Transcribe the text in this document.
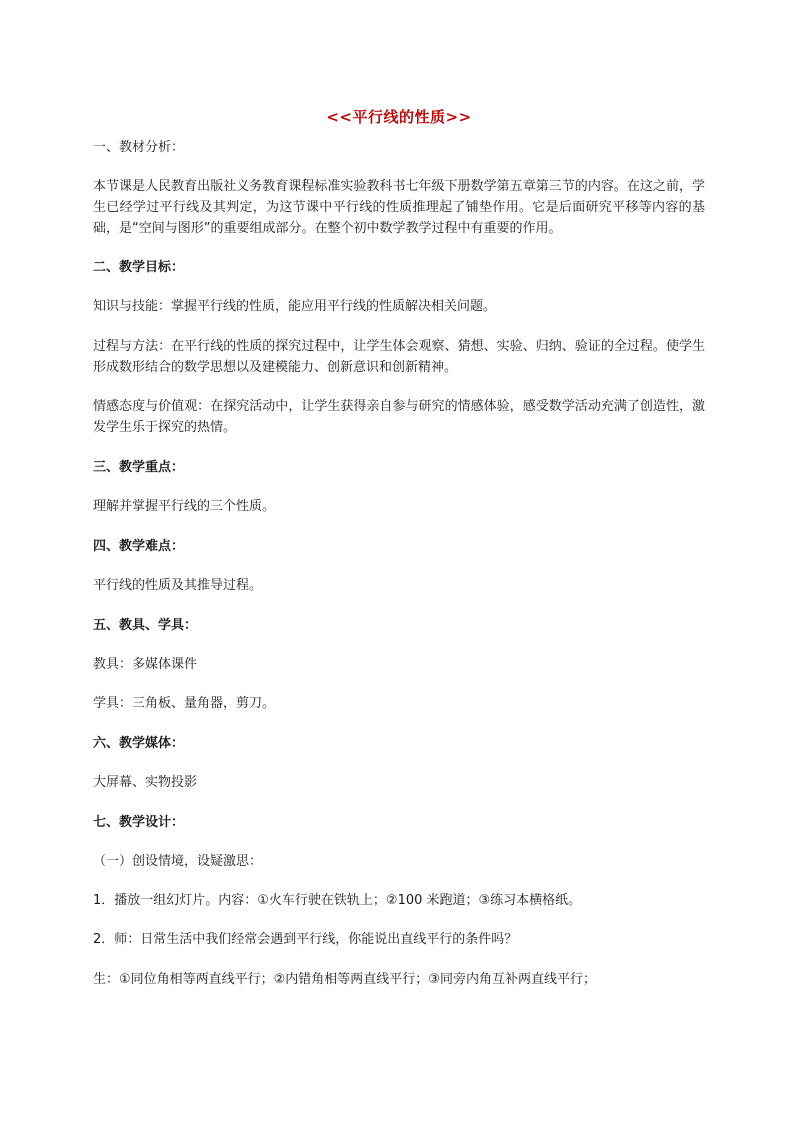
<<平行线的性质>>
一、教材分析：
本节课是人民教育出版社义务教育课程标准实验教科书七年级下册数学第五章第三节的内容。在这之前，学生已经学过平行线及其判定，为这节课中平行线的性质推理起了铺垫作用。它是后面研究平移等内容的基础，是“空间与图形”的重要组成部分。在整个初中数学教学过程中有重要的作用。
二、教学目标：
知识与技能：掌握平行线的性质，能应用平行线的性质解决相关问题。
过程与方法：在平行线的性质的探究过程中，让学生体会观察、猜想、实验、归纳、验证的全过程。使学生形成数形结合的数学思想以及建模能力、创新意识和创新精神。
情感态度与价值观：在探究活动中，让学生获得亲自参与研究的情感体验，感受数学活动充满了创造性，激发学生乐于探究的热情。
三、教学重点：
理解并掌握平行线的三个性质。
四、教学难点：
平行线的性质及其推导过程。
五、教具、学具：
教具：多媒体课件
学具：三角板、量角器，剪刀。
六、教学媒体：
大屏幕、实物投影
七、教学设计：
（一）创设情境，设疑激思：
1．播放一组幻灯片。内容：①火车行驶在铁轨上；②100 米跑道；③练习本横格纸。
2．师：日常生活中我们经常会遇到平行线，你能说出直线平行的条件吗？
生：①同位角相等两直线平行；②内错角相等两直线平行；③同旁内角互补两直线平行；
